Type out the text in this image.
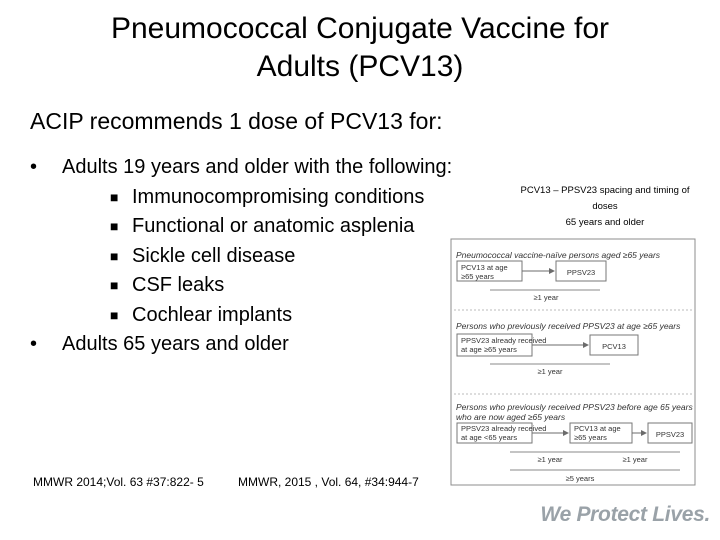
Pneumococcal Conjugate Vaccine for
Adults (PCV13)
ACIP recommends 1 dose of PCV13 for:
• Adults 19 years and older with the following:
■ Immunocompromising conditions
■ Functional or anatomic asplenia
■ Sickle cell disease
■ CSF leaks
■ Cochlear implants
• Adults 65 years and older
MMWR 2014;Vol. 63 #37:822- 5	MMWR, 2015 , Vol. 64, #34:944-7
PCV13 – PPSV23 spacing and timing of
doses
65 years and older
Pneumococcal vaccine-naïve persons aged ≥65 years
PCV13 at age
≥65 years	PPSV23
≥1 year
Persons who previously received PPSV23 at age ≥65 years
PPSV23 already received
at age ≥65 years	PCV13
≥1 year
Persons who previously received PPSV23 before age 65 years
who are now aged ≥65 years
PPSV23 already received
at age <65 years
PCV13 at age
≥65 years	PPSV23
≥1 year	≥1 year
≥5 years
We Protect Lives.
